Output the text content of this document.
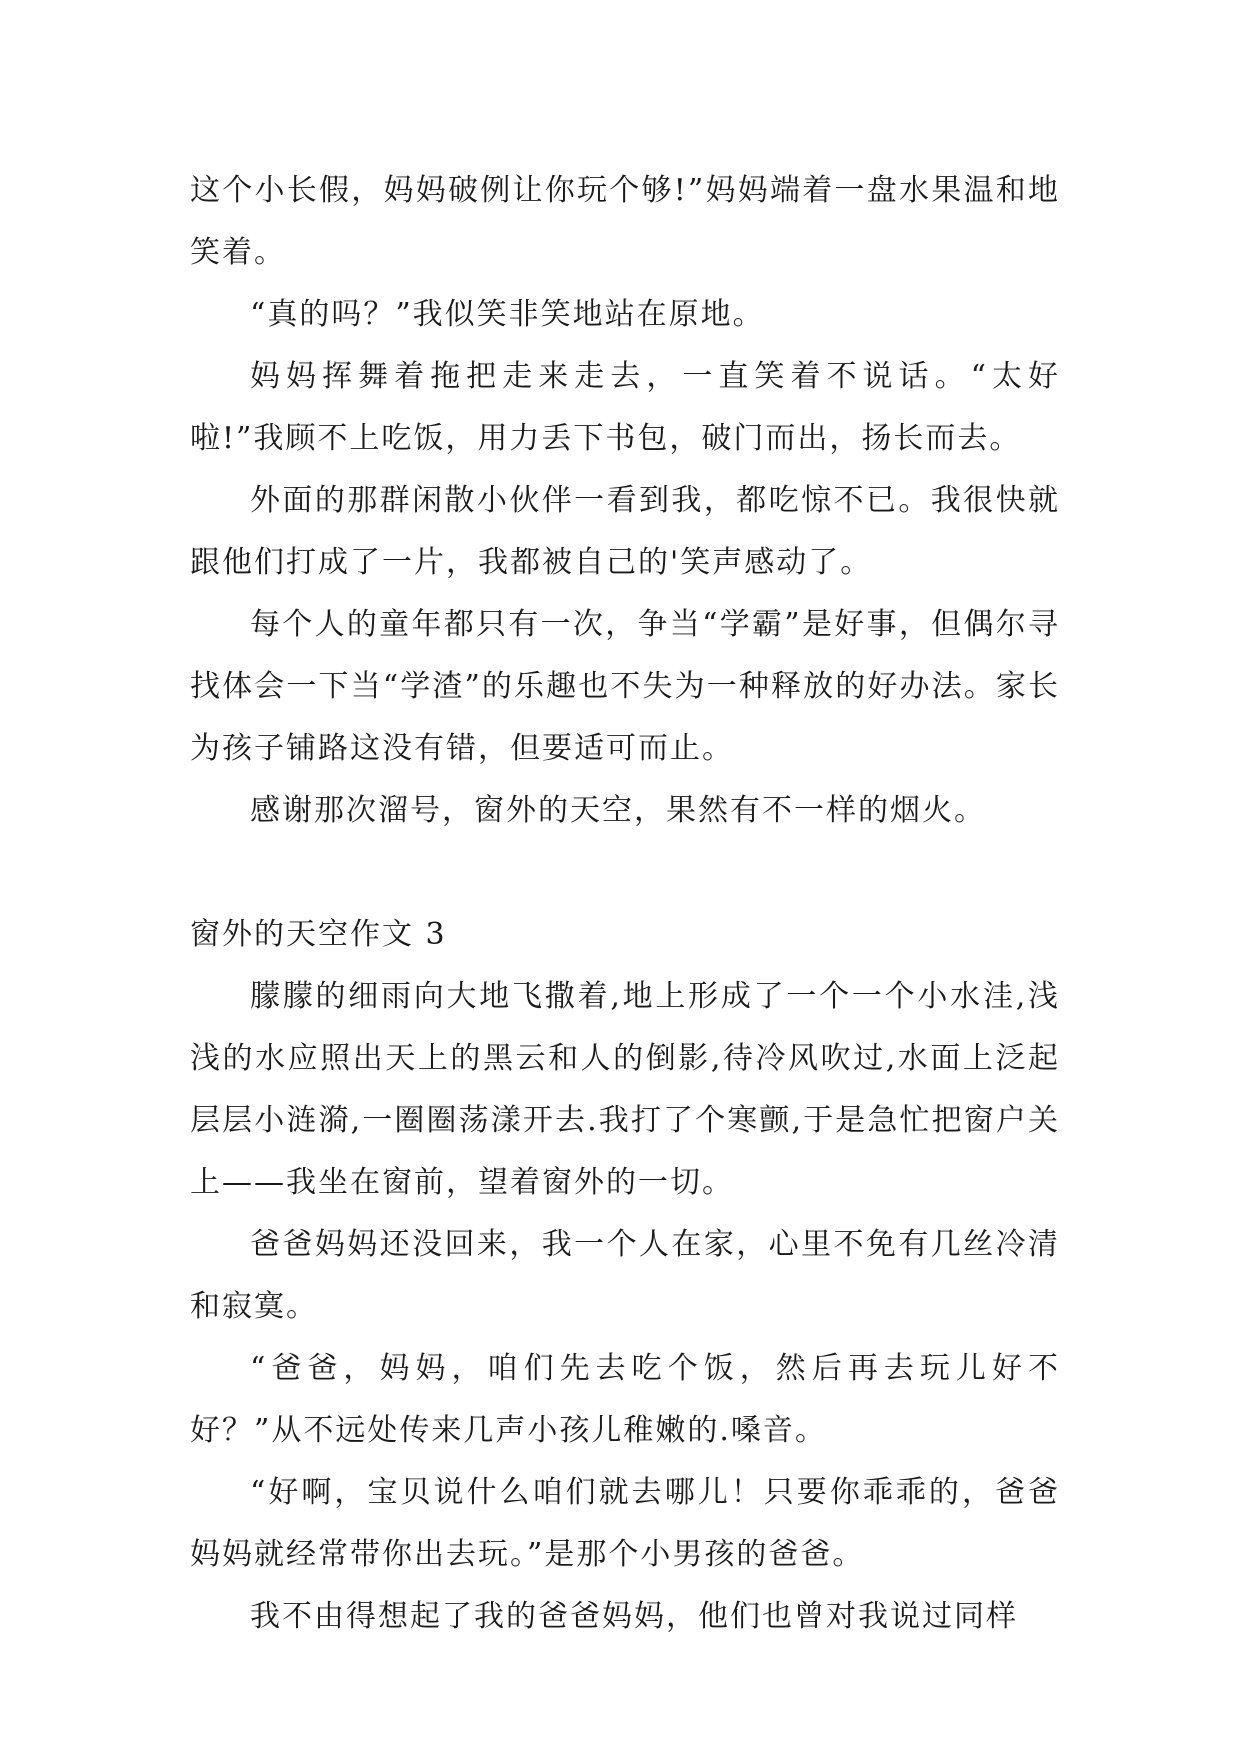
这个小长假，妈妈破例让你玩个够!”妈妈端着一盘水果温和地笑着。

“真的吗？”我似笑非笑地站在原地。

妈妈挥舞着拖把走来走去，一直笑着不说话。“太好啦!”我顾不上吃饭，用力丢下书包，破门而出，扬长而去。

外面的那群闲散小伙伴一看到我，都吃惊不已。我很快就跟他们打成了一片，我都被自己的'笑声感动了。

每个人的童年都只有一次，争当“学霸”是好事，但偶尔寻找体会一下当“学渣”的乐趣也不失为一种释放的好办法。家长为孩子铺路这没有错，但要适可而止。

感谢那次溜号，窗外的天空，果然有不一样的烟火。

窗外的天空作文 3

朦朦的细雨向大地飞撒着,地上形成了一个一个小水洼,浅浅的水应照出天上的黑云和人的倒影,待冷风吹过,水面上泛起层层小涟漪,一圈圈荡漾开去.我打了个寒颤,于是急忙把窗户关上——我坐在窗前，望着窗外的一切。

爸爸妈妈还没回来，我一个人在家，心里不免有几丝冷清和寂寞。

“爸爸，妈妈，咱们先去吃个饭，然后再去玩儿好不好？”从不远处传来几声小孩儿稚嫩的.嗓音。

“好啊，宝贝说什么咱们就去哪儿！只要你乖乖的，爸爸妈妈就经常带你出去玩。”是那个小男孩的爸爸。

我不由得想起了我的爸爸妈妈，他们也曾对我说过同样
